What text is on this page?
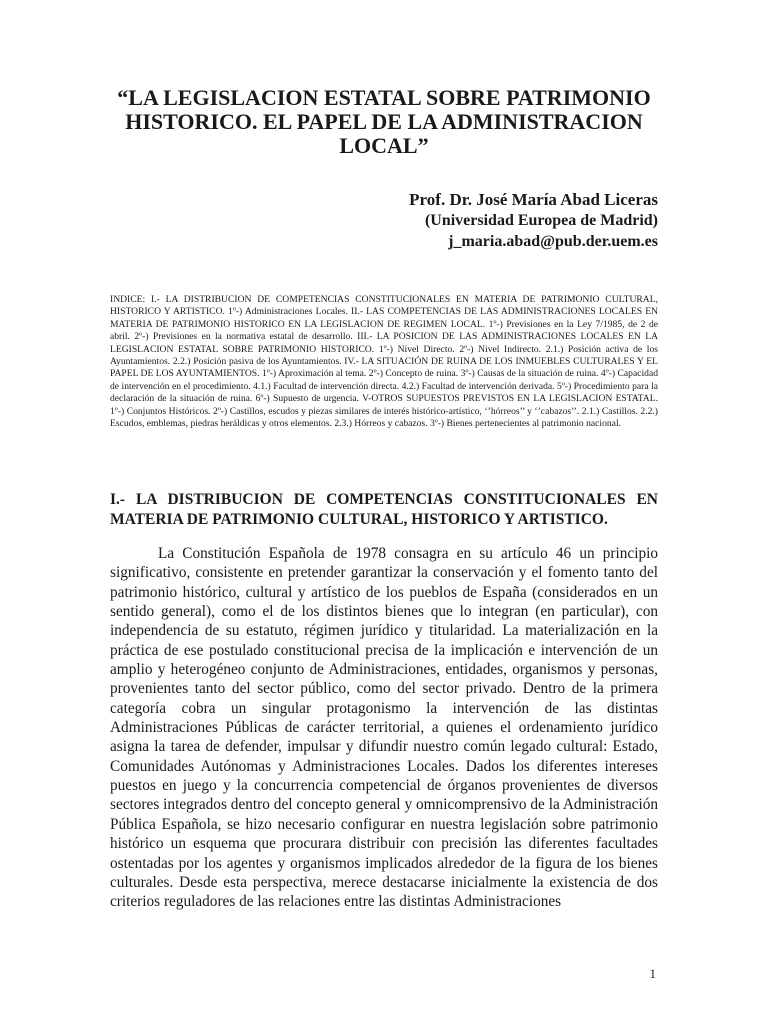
“LA LEGISLACION ESTATAL SOBRE PATRIMONIO HISTORICO. EL PAPEL DE LA ADMINISTRACION LOCAL”
Prof. Dr. José María Abad Liceras
(Universidad Europea de Madrid)
j_maria.abad@pub.der.uem.es

INDICE: I.- LA DISTRIBUCION DE COMPETENCIAS CONSTITUCIONALES EN MATERIA DE PATRIMONIO CULTURAL, HISTORICO Y ARTISTICO. 1º-) Administraciones Locales. II.- LAS COMPETENCIAS DE LAS ADMINISTRACIONES LOCALES EN MATERIA DE PATRIMONIO HISTORICO EN LA LEGISLACION DE REGIMEN LOCAL. 1º-) Previsiones en la Ley 7/1985, de 2 de abril. 2º-) Previsiones en la normativa estatal de desarrollo. III.- LA POSICION DE LAS ADMINISTRACIONES LOCALES EN LA LEGISLACION ESTATAL SOBRE PATRIMONIO HISTORICO. 1º-) Nivel Directo. 2º-) Nivel Indirecto. 2.1.) Posición activa de los Ayuntamientos. 2.2.) Posición pasiva de los Ayuntamientos. IV.- LA SITUACIÓN DE RUINA DE LOS INMUEBLES CULTURALES Y EL PAPEL DE LOS AYUNTAMIENTOS. 1º-) Aproximación al tema. 2º-) Concepto de ruina. 3º-) Causas de la situación de ruina. 4º-) Capacidad de intervención en el procedimiento. 4.1.) Facultad de intervención directa. 4.2.) Facultad de intervención derivada. 5º-) Procedimiento para la declaración de la situación de ruina. 6º-) Supuesto de urgencia. V-OTROS SUPUESTOS PREVISTOS EN LA LEGISLACION ESTATAL. 1º-) Conjuntos Históricos. 2º-) Castillos, escudos y piezas similares de interés histórico-artístico, ‘’hórreos’’ y ‘’cabazos’’. 2.1.) Castillos. 2.2.) Escudos, emblemas, piedras heráldicas y otros elementos. 2.3.) Hórreos y cabazos. 3º-) Bienes pertenecientes al patrimonio nacional.

I.- LA DISTRIBUCION DE COMPETENCIAS CONSTITUCIONALES EN MATERIA DE PATRIMONIO CULTURAL, HISTORICO Y ARTISTICO.

La Constitución Española de 1978 consagra en su artículo 46 un principio significativo, consistente en pretender garantizar la conservación y el fomento tanto del patrimonio histórico, cultural y artístico de los pueblos de España (considerados en un sentido general), como el de los distintos bienes que lo integran (en particular), con independencia de su estatuto, régimen jurídico y titularidad. La materialización en la práctica de ese postulado constitucional precisa de la implicación e intervención de un amplio y heterogéneo conjunto de Administraciones, entidades, organismos y personas, provenientes tanto del sector público, como del sector privado. Dentro de la primera categoría cobra un singular protagonismo la intervención de las distintas Administraciones Públicas de carácter territorial, a quienes el ordenamiento jurídico asigna la tarea de defender, impulsar y difundir nuestro común legado cultural: Estado, Comunidades Autónomas y Administraciones Locales. Dados los diferentes intereses puestos en juego y la concurrencia competencial de órganos provenientes de diversos sectores integrados dentro del concepto general y omnicomprensivo de la Administración Pública Española, se hizo necesario configurar en nuestra legislación sobre patrimonio histórico un esquema que procurara distribuir con precisión las diferentes facultades ostentadas por los agentes y organismos implicados alrededor de la figura de los bienes culturales. Desde esta perspectiva, merece destacarse inicialmente la existencia de dos criterios reguladores de las relaciones entre las distintas Administraciones

1
